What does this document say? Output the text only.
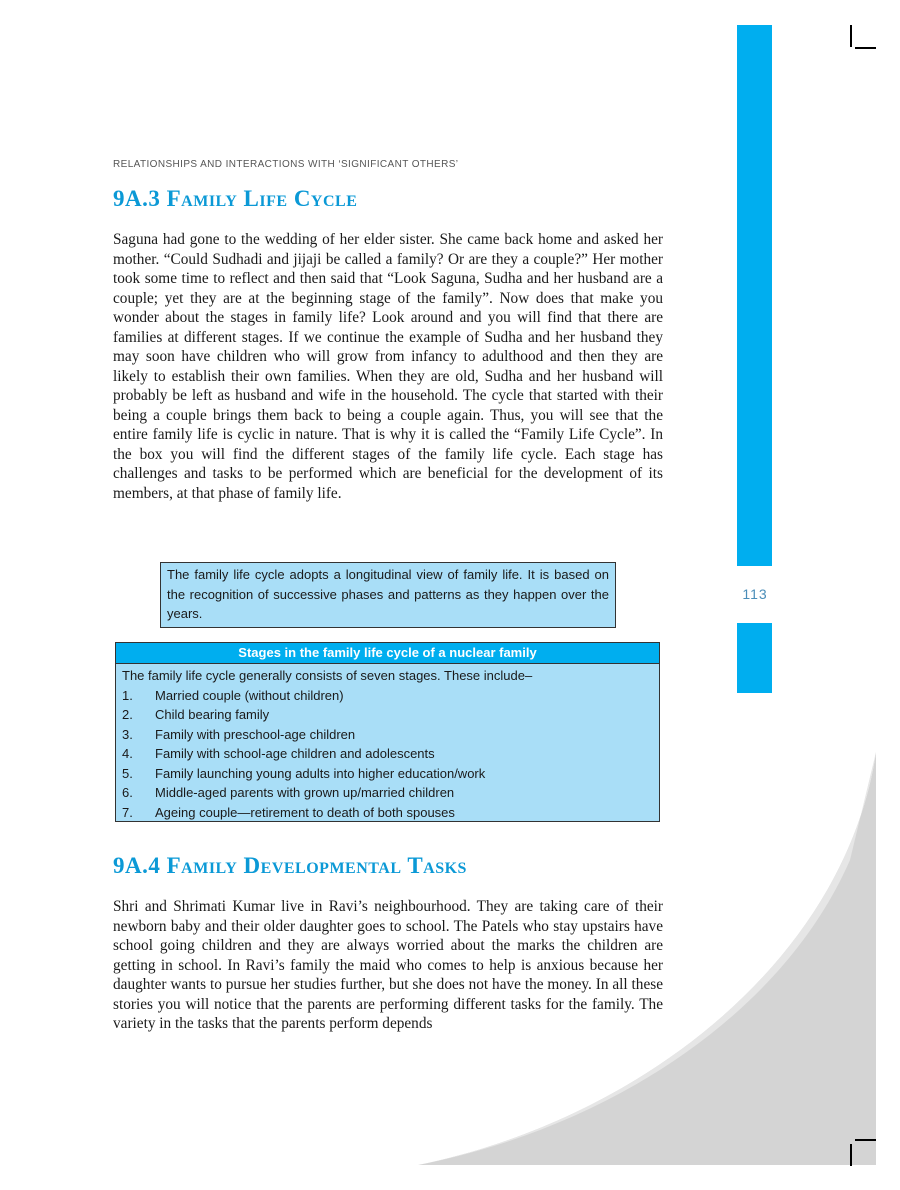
113
RELATIONSHIPS AND INTERACTIONS WITH ‘SIGNIFICANT OTHERS’
9A.3 Family Life Cycle

Saguna had gone to the wedding of her elder sister. She came back home and asked her mother. “Could Sudhadi and jijaji be called a family? Or are they a couple?” Her mother took some time to reflect and then said that “Look Saguna, Sudha and her husband are a couple; yet they are at the beginning stage of the family”. Now does that make you wonder about the stages in family life? Look around and you will find that there are families at different stages. If we continue the example of Sudha and her husband they may soon have children who will grow from infancy to adulthood and then they are likely to establish their own families. When they are old, Sudha and her husband will probably be left as husband and wife in the household. The cycle that started with their being a couple brings them back to being a couple again. Thus, you will see that the entire family life is cyclic in nature. That is why it is called the “Family Life Cycle”. In the box you will find the different stages of the family life cycle. Each stage has challenges and tasks to be performed which are beneficial for the development of its members, at that phase of family life.

The family life cycle adopts a longitudinal view of family life. It is based on the recognition of successive phases and patterns as they happen over the years.
Stages in the family life cycle of a nuclear family
The family life cycle generally consists of seven stages. These include–
1.	Married couple (without children)
2.	Child bearing family
3.	Family with preschool-age children
4.	Family with school-age children and adolescents
5.	Family launching young adults into higher education/work
6.	Middle-aged parents with grown up/married children
7.	Ageing couple—retirement to death of both spouses
9A.4 Family Developmental Tasks

Shri and Shrimati Kumar live in Ravi’s neighbourhood. They are taking care of their newborn baby and their older daughter goes to school. The Patels who stay upstairs have school going children and they are always worried about the marks the children are getting in school. In Ravi’s family the maid who comes to help is anxious because her daughter wants to pursue her studies further, but she does not have the money. In all these stories you will notice that the parents are performing different tasks for the family. The variety in the tasks that the parents perform depends
